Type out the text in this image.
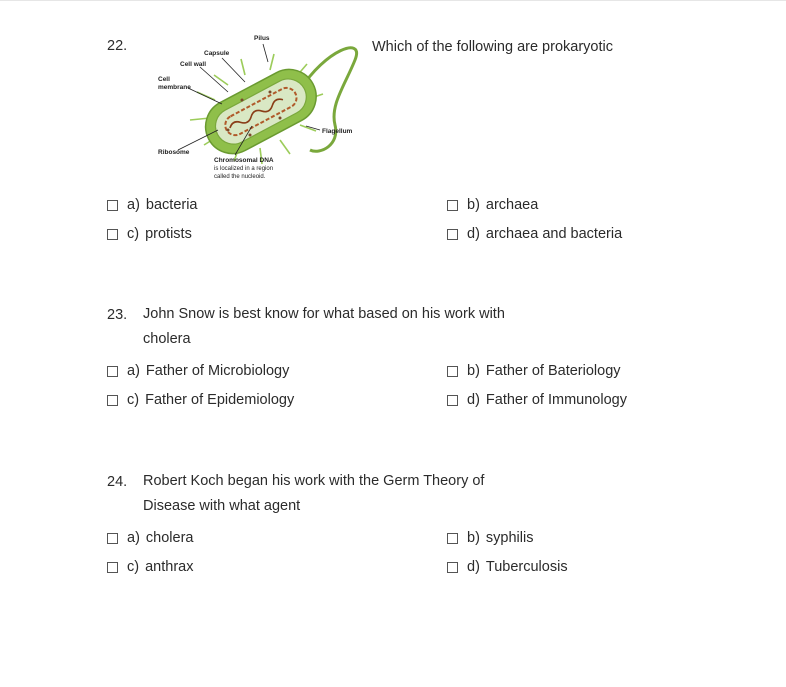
22.	Pilus
Capsule
Cell wall
Cell
membrane
Ribosome
Flagellum
Chromosomal DNA
is localized in a region
called the nucleoid.
Which of the following are prokaryotic
a) bacteria	b) archaea
c) protists	d) archaea and bacteria
23. John Snow is best know for what based on his work with
cholera
a) Father of Microbiology	b) Father of Bateriology
c) Father of Epidemiology	d) Father of Immunology
24. Robert Koch began his work with the Germ Theory of
Disease with what agent
a) cholera	b) syphilis
c) anthrax	d) Tuberculosis
